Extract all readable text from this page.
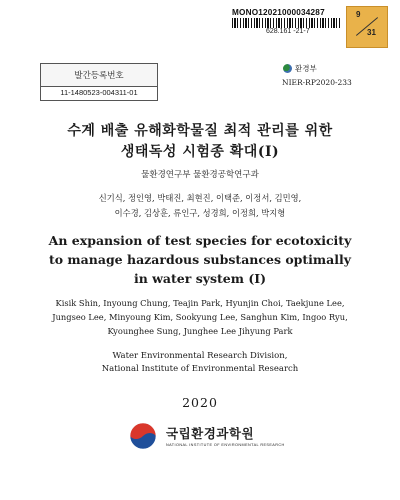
MONO12021000034287
628.161 -21-7
9
31
발간등록번호
11-1480523-004311-01
환경부
NIER-RP2020-233
수계 배출 유해화학물질 최적 관리를 위한
생태독성 시험종 확대(Ⅰ)
물환경연구부 물환경공학연구과
신기식, 정인영, 박태진, 최현진, 이택준, 이정서, 김민영,
이수경, 김상훈, 류인구, 성경희, 이정희, 박지형
An expansion of test species for ecotoxicity
to manage hazardous substances optimally
in water system (Ⅰ)
Kisik Shin, Inyoung Chung, Teajin Park, Hyunjin Choi, Taekjune Lee,
Jungseo Lee, Minyoung Kim, Sookyung Lee, Sanghun Kim, Ingoo Ryu,
Kyounghee Sung, Junghee Lee Jihyung Park
Water Environmental Research Division,
National Institute of Environmental Research
2020
국립환경과학원
NATIONAL INSTITUTE OF ENVIRONMENTAL RESEARCH
